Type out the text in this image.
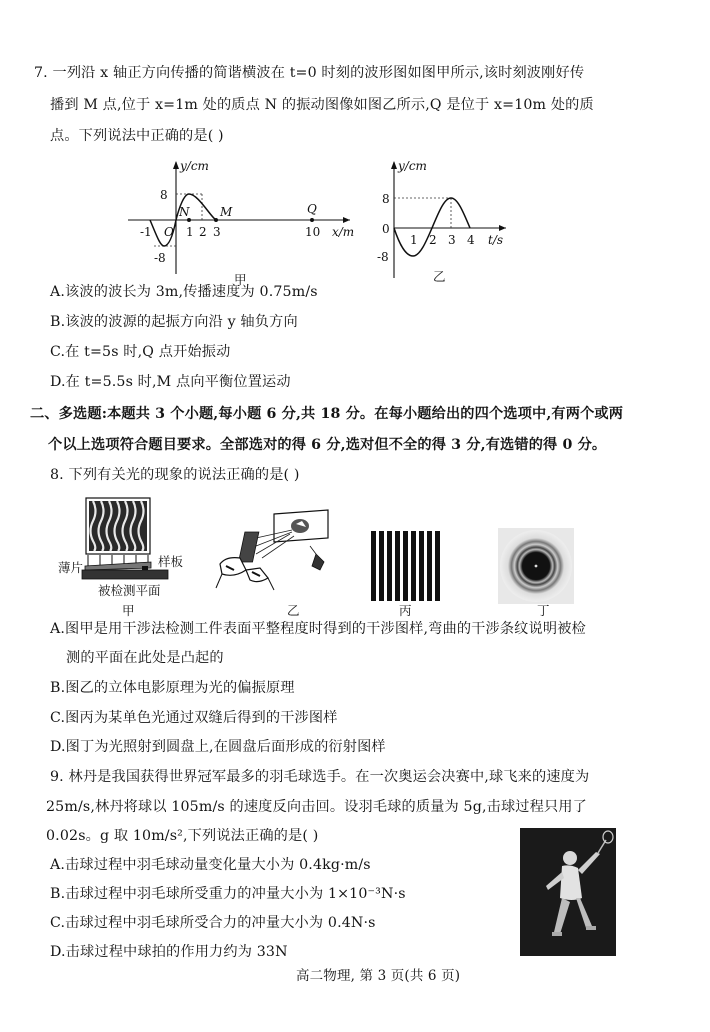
7. 一列沿 x 轴正方向传播的简谐横波在 t=0 时刻的波形图如图甲所示,该时刻波刚好传
播到 M 点,位于 x=1m 处的质点 N 的振动图像如图乙所示,Q 是位于 x=10m 处的质
点。下列说法中正确的是( )
y/cm
x/m
8
-8
-1 O 1 2 3	10
N	M	Q
甲
y/cm
t/s
8
-8
0
1 2 3 4
乙
A.该波的波长为 3m,传播速度为 0.75m/s
B.该波的波源的起振方向沿 y 轴负方向
C.在 t=5s 时,Q 点开始振动
D.在 t=5.5s 时,M 点向平衡位置运动
二、多选题:本题共 3 个小题,每小题 6 分,共 18 分。在每小题给出的四个选项中,有两个或两
个以上选项符合题目要求。全部选对的得 6 分,选对但不全的得 3 分,有选错的得 0 分。
8. 下列有关光的现象的说法正确的是( )
薄片	样板
被检测平面
甲	乙	丙	丁
A.图甲是用干涉法检测工件表面平整程度时得到的干涉图样,弯曲的干涉条纹说明被检
测的平面在此处是凸起的
B.图乙的立体电影原理为光的偏振原理
C.图丙为某单色光通过双缝后得到的干涉图样
D.图丁为光照射到圆盘上,在圆盘后面形成的衍射图样
9. 林丹是我国获得世界冠军最多的羽毛球选手。在一次奥运会决赛中,球飞来的速度为
25m/s,林丹将球以 105m/s 的速度反向击回。设羽毛球的质量为 5g,击球过程只用了
0.02s。g 取 10m/s²,下列说法正确的是( )
A.击球过程中羽毛球动量变化量大小为 0.4kg·m/s
B.击球过程中羽毛球所受重力的冲量大小为 1×10⁻³N·s
C.击球过程中羽毛球所受合力的冲量大小为 0.4N·s
D.击球过程中球拍的作用力约为 33N
高二物理, 第 3 页(共 6 页)
